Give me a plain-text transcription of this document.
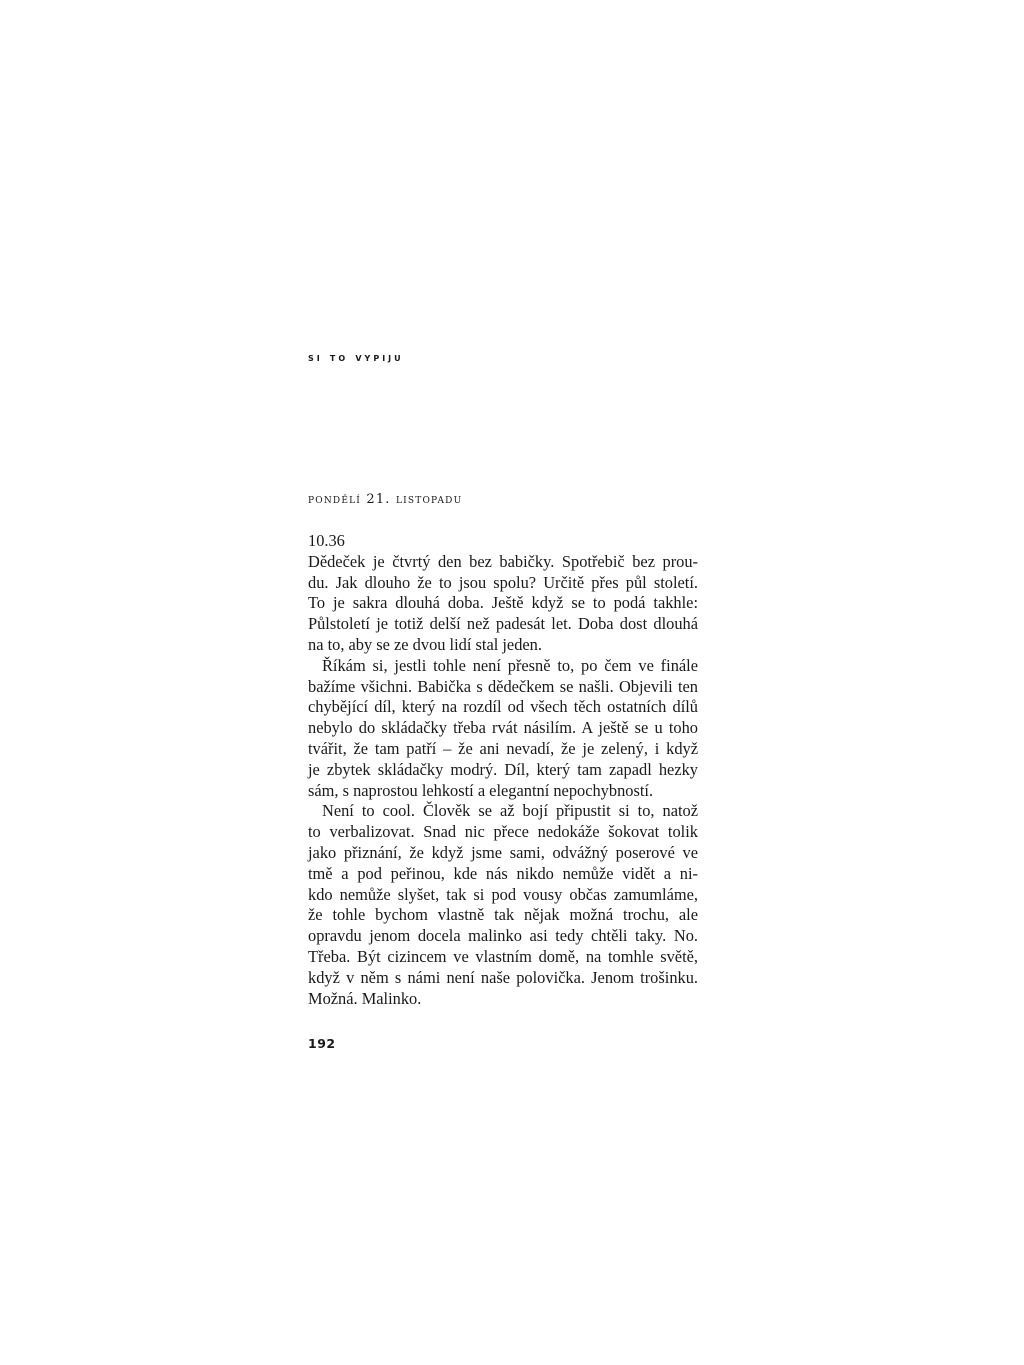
si to vypiju
pondělí 21. listopadu
10.36
Dědeček je čtvrtý den bez babičky. Spotřebič bez prou-
du. Jak dlouho že to jsou spolu? Určitě přes půl století.
To je sakra dlouhá doba. Ještě když se to podá takhle:
Půlstoletí je totiž delší než padesát let. Doba dost dlouhá
na to, aby se ze dvou lidí stal jeden.
Říkám si, jestli tohle není přesně to, po čem ve finále
bažíme všichni. Babička s dědečkem se našli. Objevili ten
chybějící díl, který na rozdíl od všech těch ostatních dílů
nebylo do skládačky třeba rvát násilím. A ještě se u toho
tvářit, že tam patří – že ani nevadí, že je zelený, i když
je zbytek skládačky modrý. Díl, který tam zapadl hezky
sám, s naprostou lehkostí a elegantní nepochybností.
Není to cool. Člověk se až bojí připustit si to, natož
to verbalizovat. Snad nic přece nedokáže šokovat tolik
jako přiznání, že když jsme sami, odvážný poserové ve
tmě a pod peřinou, kde nás nikdo nemůže vidět a ni-
kdo nemůže slyšet, tak si pod vousy občas zamumláme,
že tohle bychom vlastně tak nějak možná trochu, ale
opravdu jenom docela malinko asi tedy chtěli taky. No.
Třeba. Být cizincem ve vlastním domě, na tomhle světě,
když v něm s námi není naše polovička. Jenom trošinku.
Možná. Malinko.
192
